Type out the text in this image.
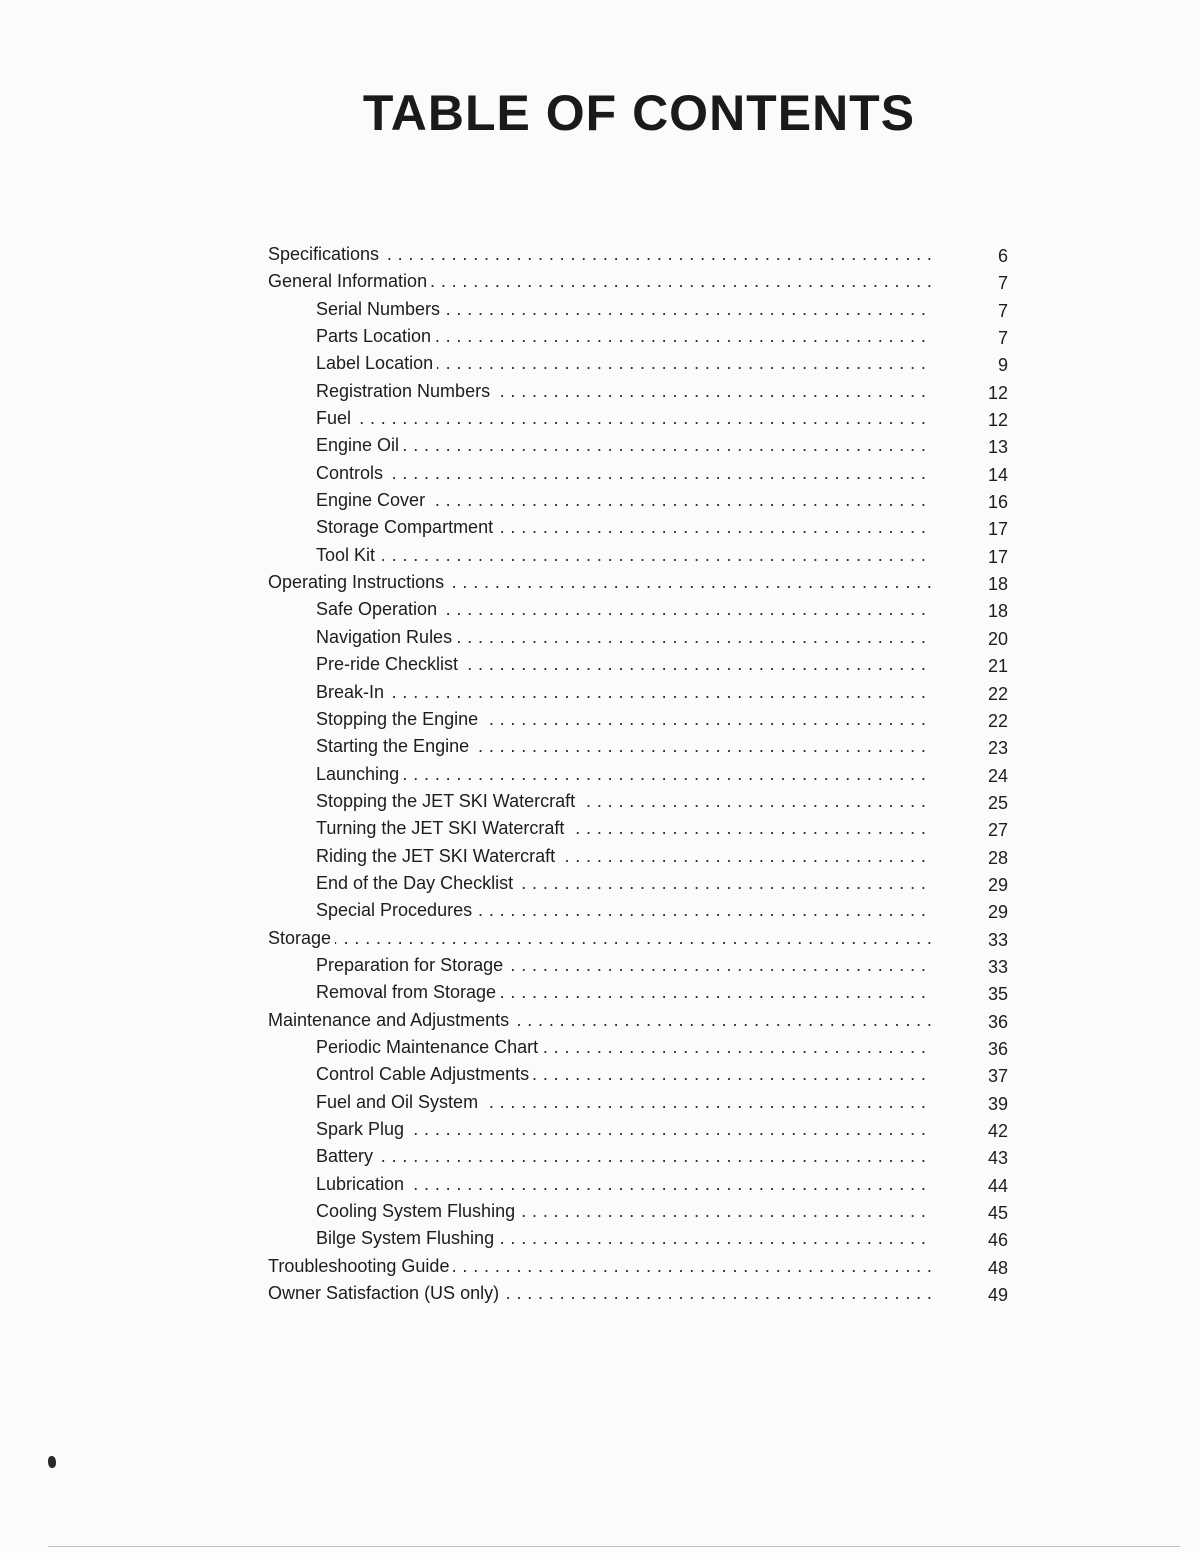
TABLE OF CONTENTS
Specifications . . .	6
General Information . . .	7
Serial Numbers . . .	7
Parts Location . . .	7
Label Location . . .	9
Registration Numbers . . .	12
Fuel . . .	12
Engine Oil . . .	13
Controls . . .	14
Engine Cover . . .	16
Storage Compartment . . .	17
Tool Kit . . .	17
Operating Instructions . . .	18
Safe Operation . . .	18
Navigation Rules . . .	20
Pre-ride Checklist . . .	21
Break-In . . .	22
Stopping the Engine . . .	22
Starting the Engine . . .	23
Launching . . .	24
Stopping the JET SKI Watercraft . . .	25
Turning the JET SKI Watercraft . . .	27
Riding the JET SKI Watercraft . . .	28
End of the Day Checklist . . .	29
Special Procedures . . .	29
Storage . . .	33
Preparation for Storage . . .	33
Removal from Storage . . .	35
Maintenance and Adjustments . . .	36
Periodic Maintenance Chart . . .	36
Control Cable Adjustments . . .	37
Fuel and Oil System . . .	39
Spark Plug . . .	42
Battery . . .	43
Lubrication . . .	44
Cooling System Flushing . . .	45
Bilge System Flushing . . .	46
Troubleshooting Guide . . .	48
Owner Satisfaction (US only) . . .	49
